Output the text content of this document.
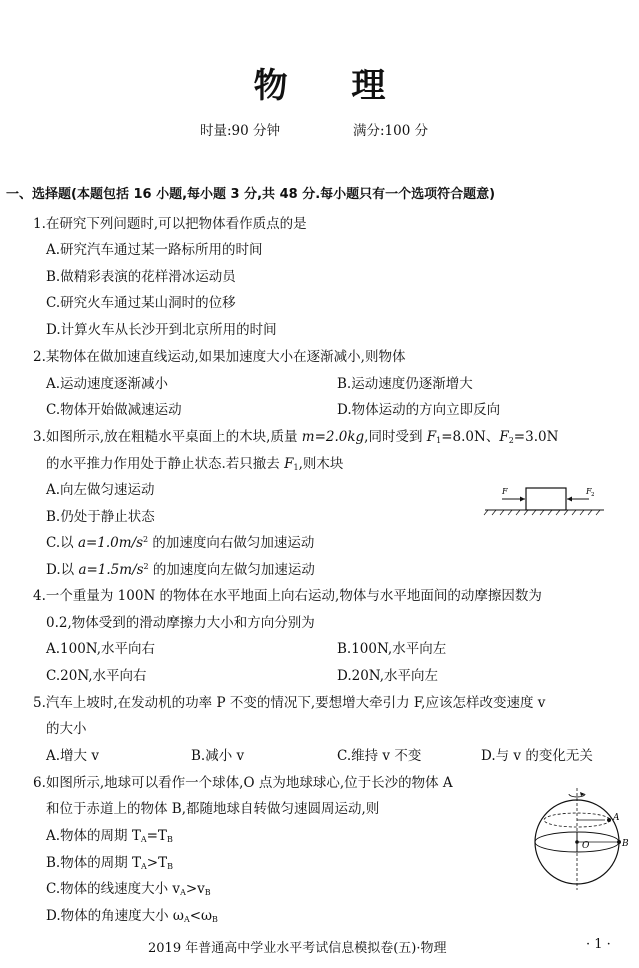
物 理
时量:90 分钟	满分:100 分
一、选择题(本题包括 16 小题,每小题 3 分,共 48 分.每小题只有一个选项符合题意)
1.在研究下列问题时,可以把物体看作质点的是
A.研究汽车通过某一路标所用的时间
B.做精彩表演的花样滑冰运动员
C.研究火车通过某山洞时的位移
D.计算火车从长沙开到北京所用的时间
2.某物体在做加速直线运动,如果加速度大小在逐渐减小,则物体
A.运动速度逐渐减小	B.运动速度仍逐渐增大
C.物体开始做减速运动	D.物体运动的方向立即反向
3.如图所示,放在粗糙水平桌面上的木块,质量 m=2.0kg,同时受到 $F_1=8.0N$、$F_2=3.0N$
的水平推力作用处于静止状态.若只撤去 $F_1$,则木块
A.向左做匀速运动
B.仍处于静止状态
C.以 $a=1.0m/s^2$ 的加速度向右做匀加速运动
D.以 $a=1.5m/s^2$ 的加速度向左做匀加速运动
F	F 2
4.一个重量为 100N 的物体在水平地面上向右运动,物体与水平地面间的动摩擦因数为
0.2,物体受到的滑动摩擦力大小和方向分别为
A.100N,水平向右	B.100N,水平向左
C.20N,水平向右	D.20N,水平向左
5.汽车上坡时,在发动机的功率 P 不变的情况下,要想增大牵引力 F,应该怎样改变速度 v
的大小
A.增大 v	B.减小 v	C.维持 v 不变	D.与 v 的变化无关
6.如图所示,地球可以看作一个球体,O 点为地球球心,位于长沙的物体 A
和位于赤道上的物体 B,都随地球自转做匀速圆周运动,则
A.物体的周期 $T_A=T_B$
B.物体的周期 $T_A>T_B$
C.物体的线速度大小 $v_A>v_B$
D.物体的角速度大小 $\omega_A<\omega_B$
A
O	B
2019 年普通高中学业水平考试信息模拟卷(五)·物理	· 1 ·
